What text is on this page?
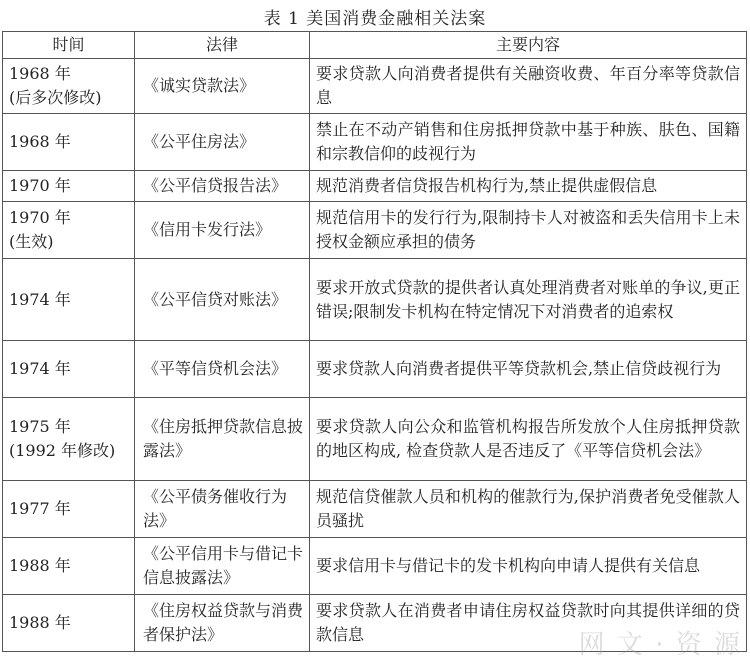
表 1 美国消费金融相关法案
时间	法律	主要内容
1968 年
(后多次修改)	《诚实贷款法》	要求贷款人向消费者提供有关融资收费、年百分率等贷款信息
1968 年	《公平住房法》	禁止在不动产销售和住房抵押贷款中基于种族、肤色、国籍和宗教信仰的歧视行为
1970 年	《公平信贷报告法》	规范消费者信贷报告机构行为,禁止提供虚假信息
1970 年
(生效)	《信用卡发行法》	规范信用卡的发行行为,限制持卡人对被盗和丢失信用卡上未授权金额应承担的债务
1974 年	《公平信贷对账法》	要求开放式贷款的提供者认真处理消费者对账单的争议,更正错误;限制发卡机构在特定情况下对消费者的追索权
1974 年	《平等信贷机会法》	要求贷款人向消费者提供平等贷款机会,禁止信贷歧视行为
1975 年
(1992 年修改)	《住房抵押贷款信息披露法》	要求贷款人向公众和监管机构报告所发放个人住房抵押贷款的地区构成, 检查贷款人是否违反了《平等信贷机会法》
1977 年	《公平债务催收行为法》	规范信贷催款人员和机构的催款行为,保护消费者免受催款人员骚扰
1988 年	《公平信用卡与借记卡信息披露法》	要求信用卡与借记卡的发卡机构向申请人提供有关信息
1988 年	《住房权益贷款与消费者保护法》	要求贷款人在消费者申请住房权益贷款时向其提供详细的贷款信息	网 文 · 资 源
